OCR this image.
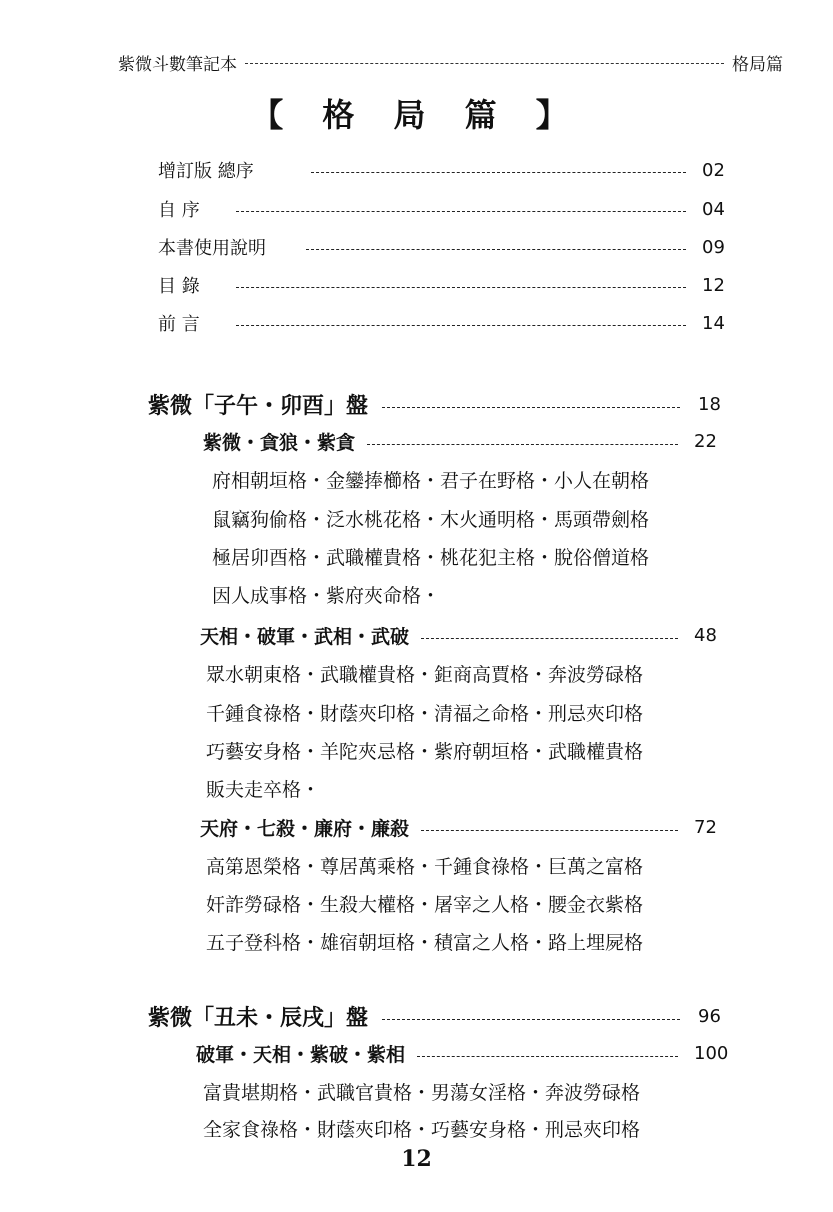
紫微斗數筆記本	格局篇
【 格 局 篇 】
增訂版 總序	02
自 序	04
本書使用說明	09
目 錄	12
前 言	14
紫微「子午・卯酉」盤	18
紫微・貪狼・紫貪	22
府相朝垣格・金鑾捧櫛格・君子在野格・小人在朝格
鼠竊狗偷格・泛水桃花格・木火通明格・馬頭帶劍格
極居卯酉格・武職權貴格・桃花犯主格・脫俗僧道格
因人成事格・紫府夾命格・
天相・破軍・武相・武破	48
眾水朝東格・武職權貴格・鉅商高賈格・奔波勞碌格
千鍾食祿格・財蔭夾印格・清福之命格・刑忌夾印格
巧藝安身格・羊陀夾忌格・紫府朝垣格・武職權貴格
販夫走卒格・
天府・七殺・廉府・廉殺	72
高第恩榮格・尊居萬乘格・千鍾食祿格・巨萬之富格
奸詐勞碌格・生殺大權格・屠宰之人格・腰金衣紫格
五子登科格・雄宿朝垣格・積富之人格・路上埋屍格
紫微「丑未・辰戌」盤	96
破軍・天相・紫破・紫相	100
富貴堪期格・武職官貴格・男蕩女淫格・奔波勞碌格
全家食祿格・財蔭夾印格・巧藝安身格・刑忌夾印格
12
